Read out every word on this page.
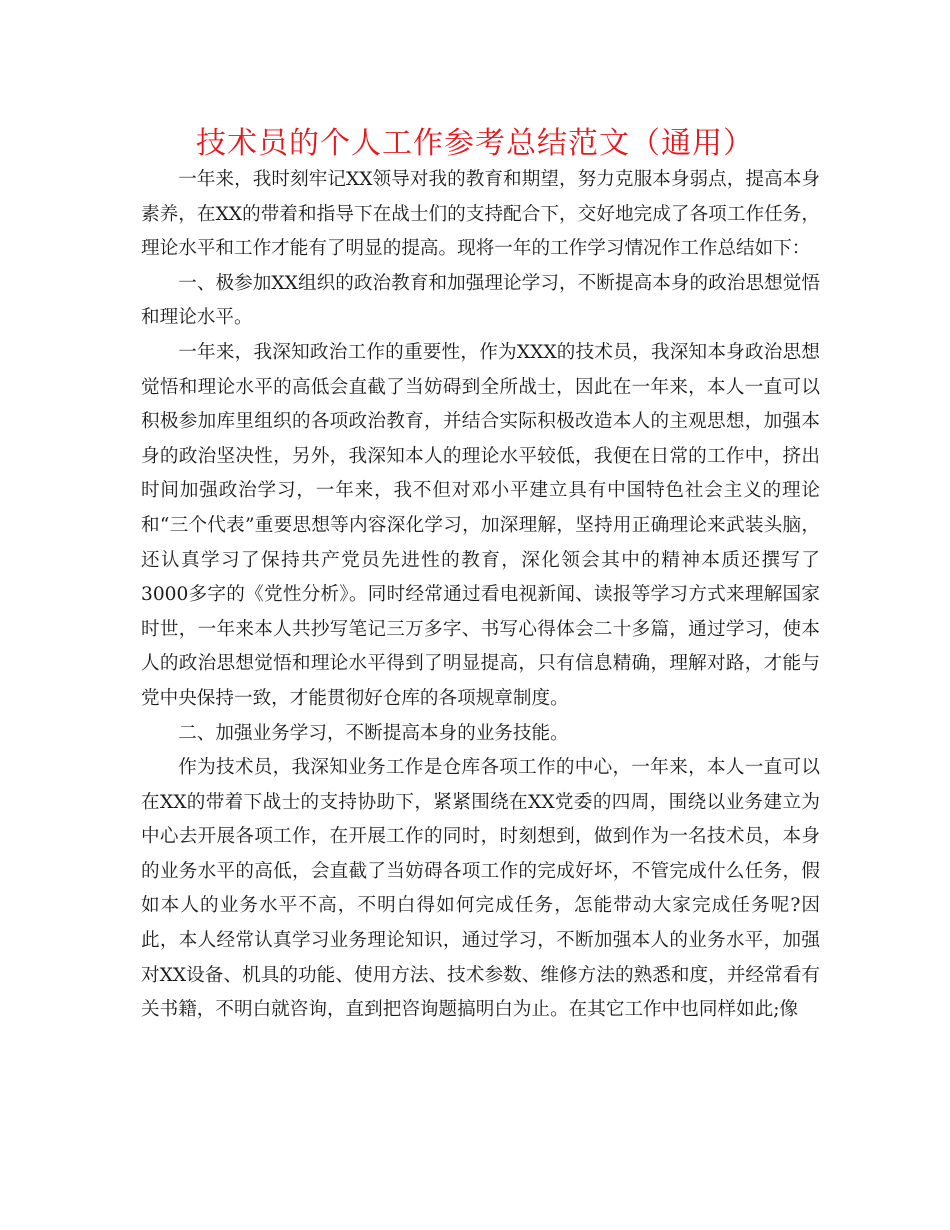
技术员的个人工作参考总结范文（通用）

一年来，我时刻牢记XX领导对我的教育和期望，努力克服本身弱点，提高本身素养，在XX的带着和指导下在战士们的支持配合下，交好地完成了各项工作任务，理论水平和工作才能有了明显的提高。现将一年的工作学习情况作工作总结如下：

一、极参加XX组织的政治教育和加强理论学习，不断提高本身的政治思想觉悟和理论水平。

一年来，我深知政治工作的重要性，作为XXX的技术员，我深知本身政治思想觉悟和理论水平的高低会直截了当妨碍到全所战士，因此在一年来，本人一直可以积极参加库里组织的各项政治教育，并结合实际积极改造本人的主观思想，加强本身的政治坚决性，另外，我深知本人的理论水平较低，我便在日常的工作中，挤出时间加强政治学习，一年来，我不但对邓小平建立具有中国特色社会主义的理论和“三个代表”重要思想等内容深化学习，加深理解，坚持用正确理论来武装头脑，还认真学习了保持共产党员先进性的教育，深化领会其中的精神本质还撰写了3000多字的《党性分析》。同时经常通过看电视新闻、读报等学习方式来理解国家时世，一年来本人共抄写笔记三万多字、书写心得体会二十多篇，通过学习，使本人的政治思想觉悟和理论水平得到了明显提高，只有信息精确，理解对路，才能与党中央保持一致，才能贯彻好仓库的各项规章制度。

二、加强业务学习，不断提高本身的业务技能。

作为技术员，我深知业务工作是仓库各项工作的中心，一年来，本人一直可以在XX的带着下战士的支持协助下，紧紧围绕在XX党委的四周，围绕以业务建立为中心去开展各项工作，在开展工作的同时，时刻想到，做到作为一名技术员，本身的业务水平的高低，会直截了当妨碍各项工作的完成好坏，不管完成什么任务，假如本人的业务水平不高，不明白得如何完成任务，怎能带动大家完成任务呢?因此，本人经常认真学习业务理论知识，通过学习，不断加强本人的业务水平，加强对XX设备、机具的功能、使用方法、技术参数、维修方法的熟悉和度，并经常看有关书籍，不明白就咨询，直到把咨询题搞明白为止。在其它工作中也同样如此;像
